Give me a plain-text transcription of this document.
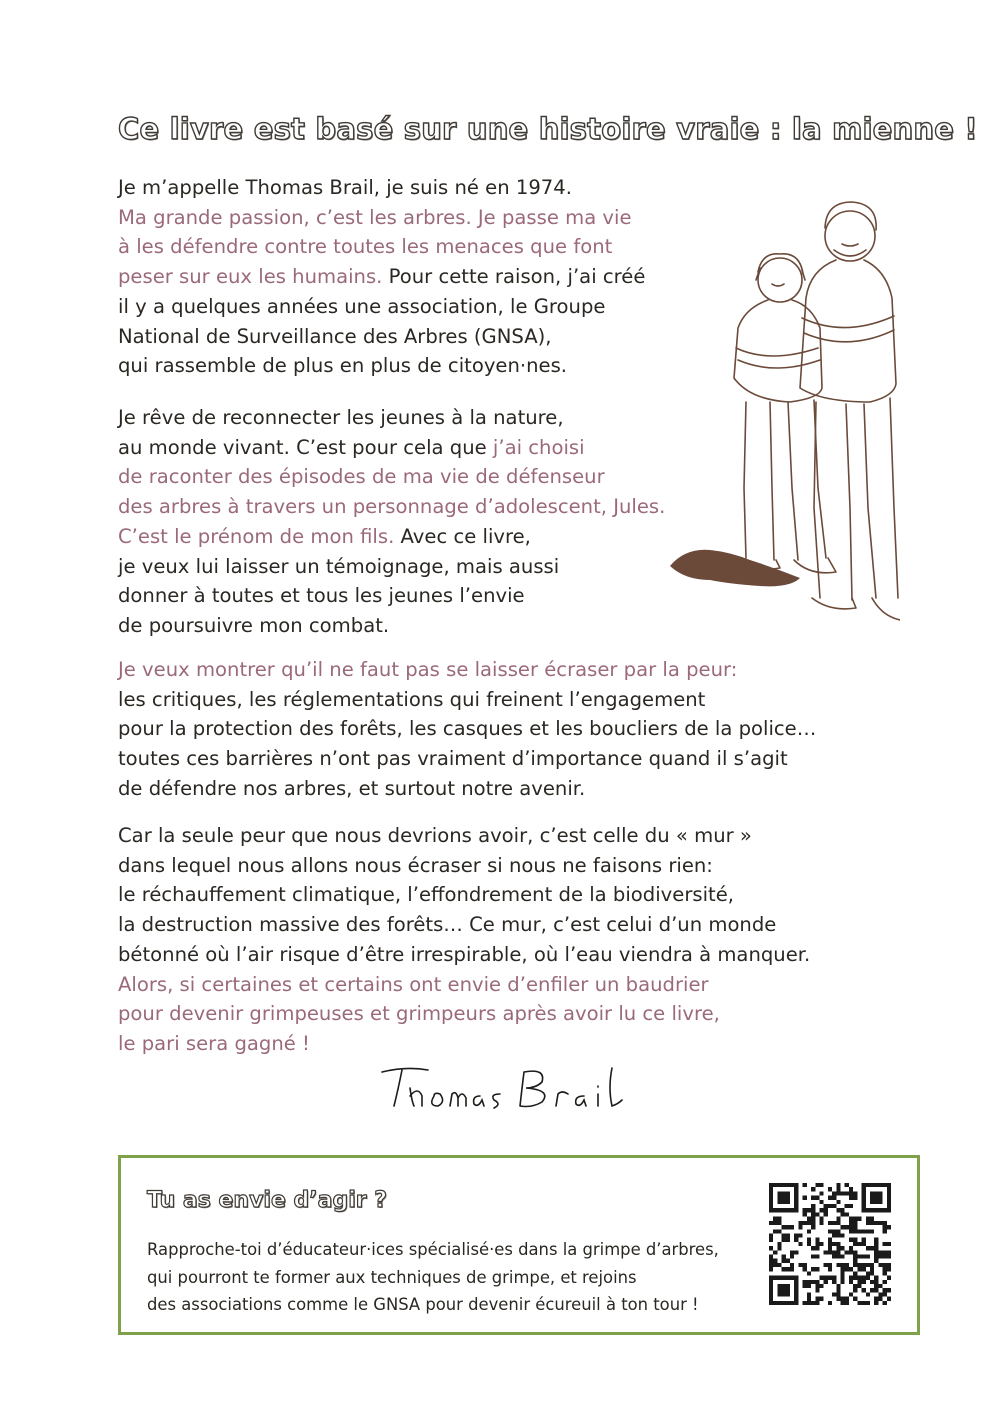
Ce livre est basé sur une histoire vraie : la mienne !
Je m’appelle Thomas Brail, je suis né en 1974.
Ma grande passion, c’est les arbres. Je passe ma vie
à les défendre contre toutes les menaces que font
peser sur eux les humains. Pour cette raison, j’ai créé
il y a quelques années une association, le Groupe
National de Surveillance des Arbres (GNSA),
qui rassemble de plus en plus de citoyen·nes.
Je rêve de reconnecter les jeunes à la nature,
au monde vivant. C’est pour cela que j’ai choisi
de raconter des épisodes de ma vie de défenseur
des arbres à travers un personnage d’adolescent, Jules.
C’est le prénom de mon fils. Avec ce livre,
je veux lui laisser un témoignage, mais aussi
donner à toutes et tous les jeunes l’envie
de poursuivre mon combat.
Je veux montrer qu’il ne faut pas se laisser écraser par la peur:
les critiques, les réglementations qui freinent l’engagement
pour la protection des forêts, les casques et les boucliers de la police…
toutes ces barrières n’ont pas vraiment d’importance quand il s’agit
de défendre nos arbres, et surtout notre avenir.
Car la seule peur que nous devrions avoir, c’est celle du « mur »
dans lequel nous allons nous écraser si nous ne faisons rien:
le réchauffement climatique, l’effondrement de la biodiversité,
la destruction massive des forêts… Ce mur, c’est celui d’un monde
bétonné où l’air risque d’être irrespirable, où l’eau viendra à manquer.
Alors, si certaines et certains ont envie d’enfiler un baudrier
pour devenir grimpeuses et grimpeurs après avoir lu ce livre,
le pari sera gagné !
Tu as envie d’agir ?
Rapproche-toi d’éducateur·ices spécialisé·es dans la grimpe d’arbres,
qui pourront te former aux techniques de grimpe, et rejoins
des associations comme le GNSA pour devenir écureuil à ton tour !
